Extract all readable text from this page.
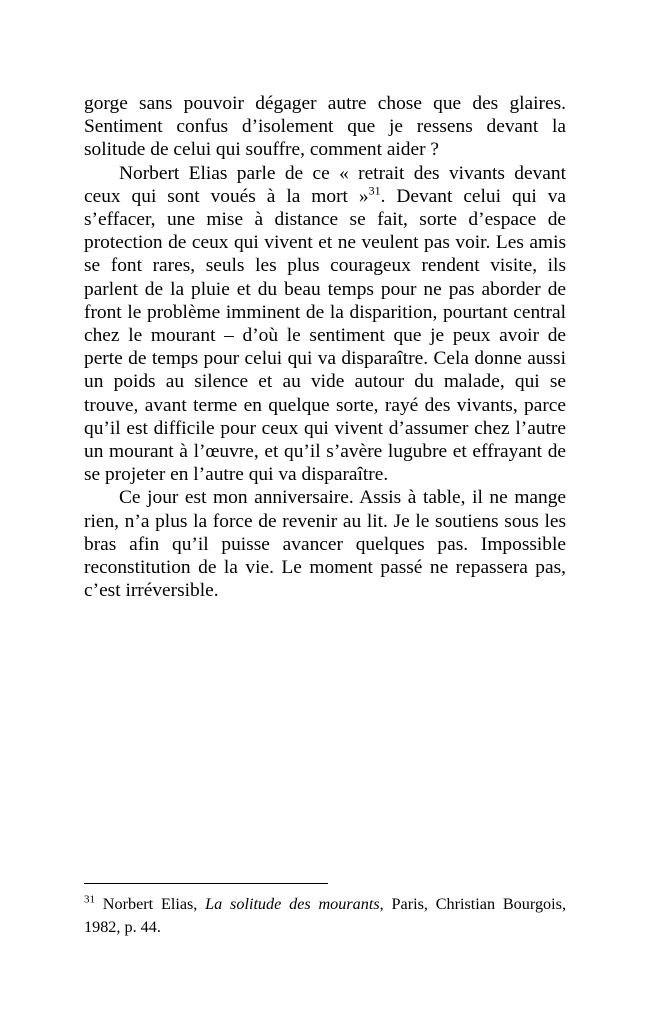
gorge sans pouvoir dégager autre chose que des glaires. Sentiment confus d’isolement que je ressens devant la solitude de celui qui souffre, comment aider ?

Norbert Elias parle de ce « retrait des vivants devant ceux qui sont voués à la mort »$^{31}$. Devant celui qui va s’effacer, une mise à distance se fait, sorte d’espace de protection de ceux qui vivent et ne veulent pas voir. Les amis se font rares, seuls les plus courageux rendent visite, ils parlent de la pluie et du beau temps pour ne pas aborder de front le problème imminent de la disparition, pourtant central chez le mourant – d’où le sentiment que je peux avoir de perte de temps pour celui qui va disparaître. Cela donne aussi un poids au silence et au vide autour du malade, qui se trouve, avant terme en quelque sorte, rayé des vivants, parce qu’il est difficile pour ceux qui vivent d’assumer chez l’autre un mourant à l’œuvre, et qu’il s’avère lugubre et effrayant de se projeter en l’autre qui va disparaître.

Ce jour est mon anniversaire. Assis à table, il ne mange rien, n’a plus la force de revenir au lit. Je le soutiens sous les bras afin qu’il puisse avancer quelques pas. Impossible reconstitution de la vie. Le moment passé ne repassera pas, c’est irréversible.

$^{31}$ Norbert Elias, La solitude des mourants, Paris, Christian Bourgois, 1982, p. 44.
